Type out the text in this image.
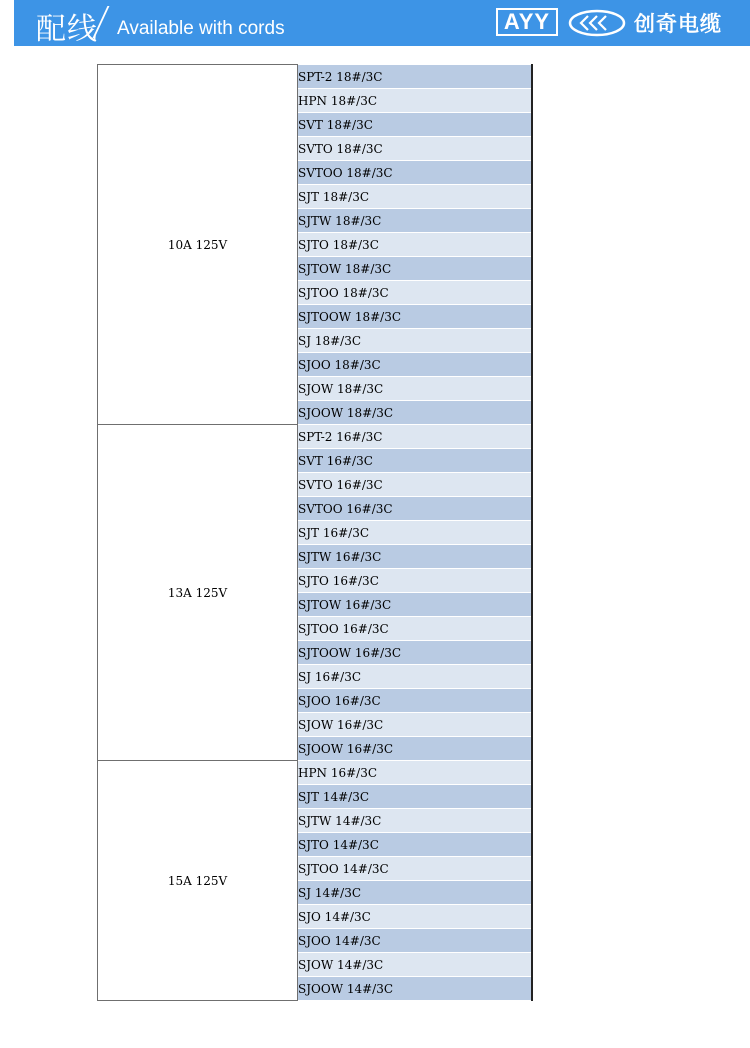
配线 Available with cords	AYY	创奇电缆
10A 125V	SPT-2 18#/3C
	HPN 18#/3C
	SVT 18#/3C
	SVTO 18#/3C
	SVTOO 18#/3C
	SJT 18#/3C
	SJTW 18#/3C
	SJTO 18#/3C
	SJTOW 18#/3C
	SJTOO 18#/3C
	SJTOOW 18#/3C
	SJ 18#/3C
	SJOO 18#/3C
	SJOW 18#/3C
	SJOOW 18#/3C
13A 125V	SPT-2 16#/3C
	SVT 16#/3C
	SVTO 16#/3C
	SVTOO 16#/3C
	SJT 16#/3C
	SJTW 16#/3C
	SJTO 16#/3C
	SJTOW 16#/3C
	SJTOO 16#/3C
	SJTOOW 16#/3C
	SJ 16#/3C
	SJOO 16#/3C
	SJOW 16#/3C
	SJOOW 16#/3C
15A 125V	HPN 16#/3C
	SJT 14#/3C
	SJTW 14#/3C
	SJTO 14#/3C
	SJTOO 14#/3C
	SJ 14#/3C
	SJO 14#/3C
	SJOO 14#/3C
	SJOW 14#/3C
	SJOOW 14#/3C
